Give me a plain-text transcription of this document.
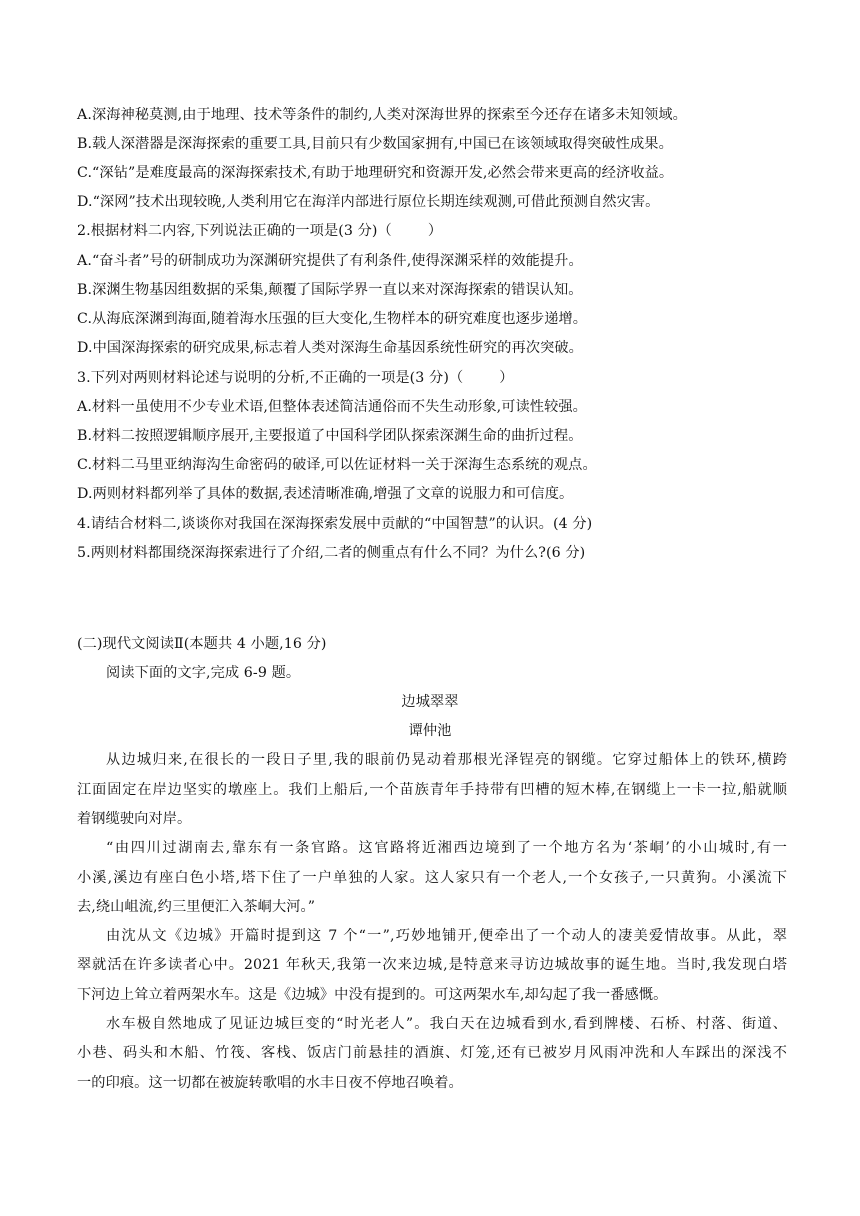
A.深海神秘莫测,由于地理、技术等条件的制约,人类对深海世界的探索至今还存在诸多未知领域。
B.载人深潜器是深海探索的重要工具,目前只有少数国家拥有,中国已在该领域取得突破性成果。
C.“深钻”是难度最高的深海探索技术,有助于地理研究和资源开发,必然会带来更高的经济收益。
D.“深网”技术出现较晚,人类利用它在海洋内部进行原位长期连续观测,可借此预测自然灾害。
2.根据材料二内容,下列说法正确的一项是(3 分)（	）
A.“奋斗者”号的研制成功为深渊研究提供了有利条件,使得深渊采样的效能提升。
B.深渊生物基因组数据的采集,颠覆了国际学界一直以来对深海探索的错误认知。
C.从海底深渊到海面,随着海水压强的巨大变化,生物样本的研究难度也逐步递增。
D.中国深海探索的研究成果,标志着人类对深海生命基因系统性研究的再次突破。
3.下列对两则材料论述与说明的分析,不正确的一项是(3 分)（	）
A.材料一虽使用不少专业术语,但整体表述简洁通俗而不失生动形象,可读性较强。
B.材料二按照逻辑顺序展开,主要报道了中国科学团队探索深渊生命的曲折过程。
C.材料二马里亚纳海沟生命密码的破译,可以佐证材料一关于深海生态系统的观点。
D.两则材料都列举了具体的数据,表述清晰准确,增强了文章的说服力和可信度。
4.请结合材料二,谈谈你对我国在深海探索发展中贡献的“中国智慧”的认识。(4 分)
5.两则材料都围绕深海探索进行了介绍,二者的侧重点有什么不同？为什么?(6 分)
(二)现代文阅读Ⅱ(本题共 4 小题,16 分)
阅读下面的文字,完成 6-9 题。
边城翠翠
谭仲池
从边城归来,在很长的一段日子里,我的眼前仍晃动着那根光泽锃亮的钢缆。它穿过船体上的铁环,横跨
江面固定在岸边坚实的墩座上。我们上船后,一个苗族青年手持带有凹槽的短木棒,在钢缆上一卡一拉,船就顺
着钢缆驶向对岸。
“由四川过湖南去,靠东有一条官路。这官路将近湘西边境到了一个地方名为‘茶峒’的小山城时,有一
小溪,溪边有座白色小塔,塔下住了一户单独的人家。这人家只有一个老人,一个女孩子,一只黄狗。小溪流下
去,绕山岨流,约三里便汇入茶峒大河。”
由沈从文《边城》开篇时提到这 7 个“一”,巧妙地铺开,便牵出了一个动人的凄美爱情故事。从此，翠
翠就活在许多读者心中。2021 年秋天,我第一次来边城,是特意来寻访边城故事的诞生地。当时,我发现白塔
下河边上耸立着两架水车。这是《边城》中没有提到的。可这两架水车,却勾起了我一番感慨。
水车极自然地成了见证边城巨变的“时光老人”。我白天在边城看到水,看到牌楼、石桥、村落、街道、
小巷、码头和木船、竹筏、客栈、饭店门前悬挂的酒旗、灯笼,还有已被岁月风雨冲洗和人车踩出的深浅不
一的印痕。这一切都在被旋转歌唱的水丰日夜不停地召唤着。
